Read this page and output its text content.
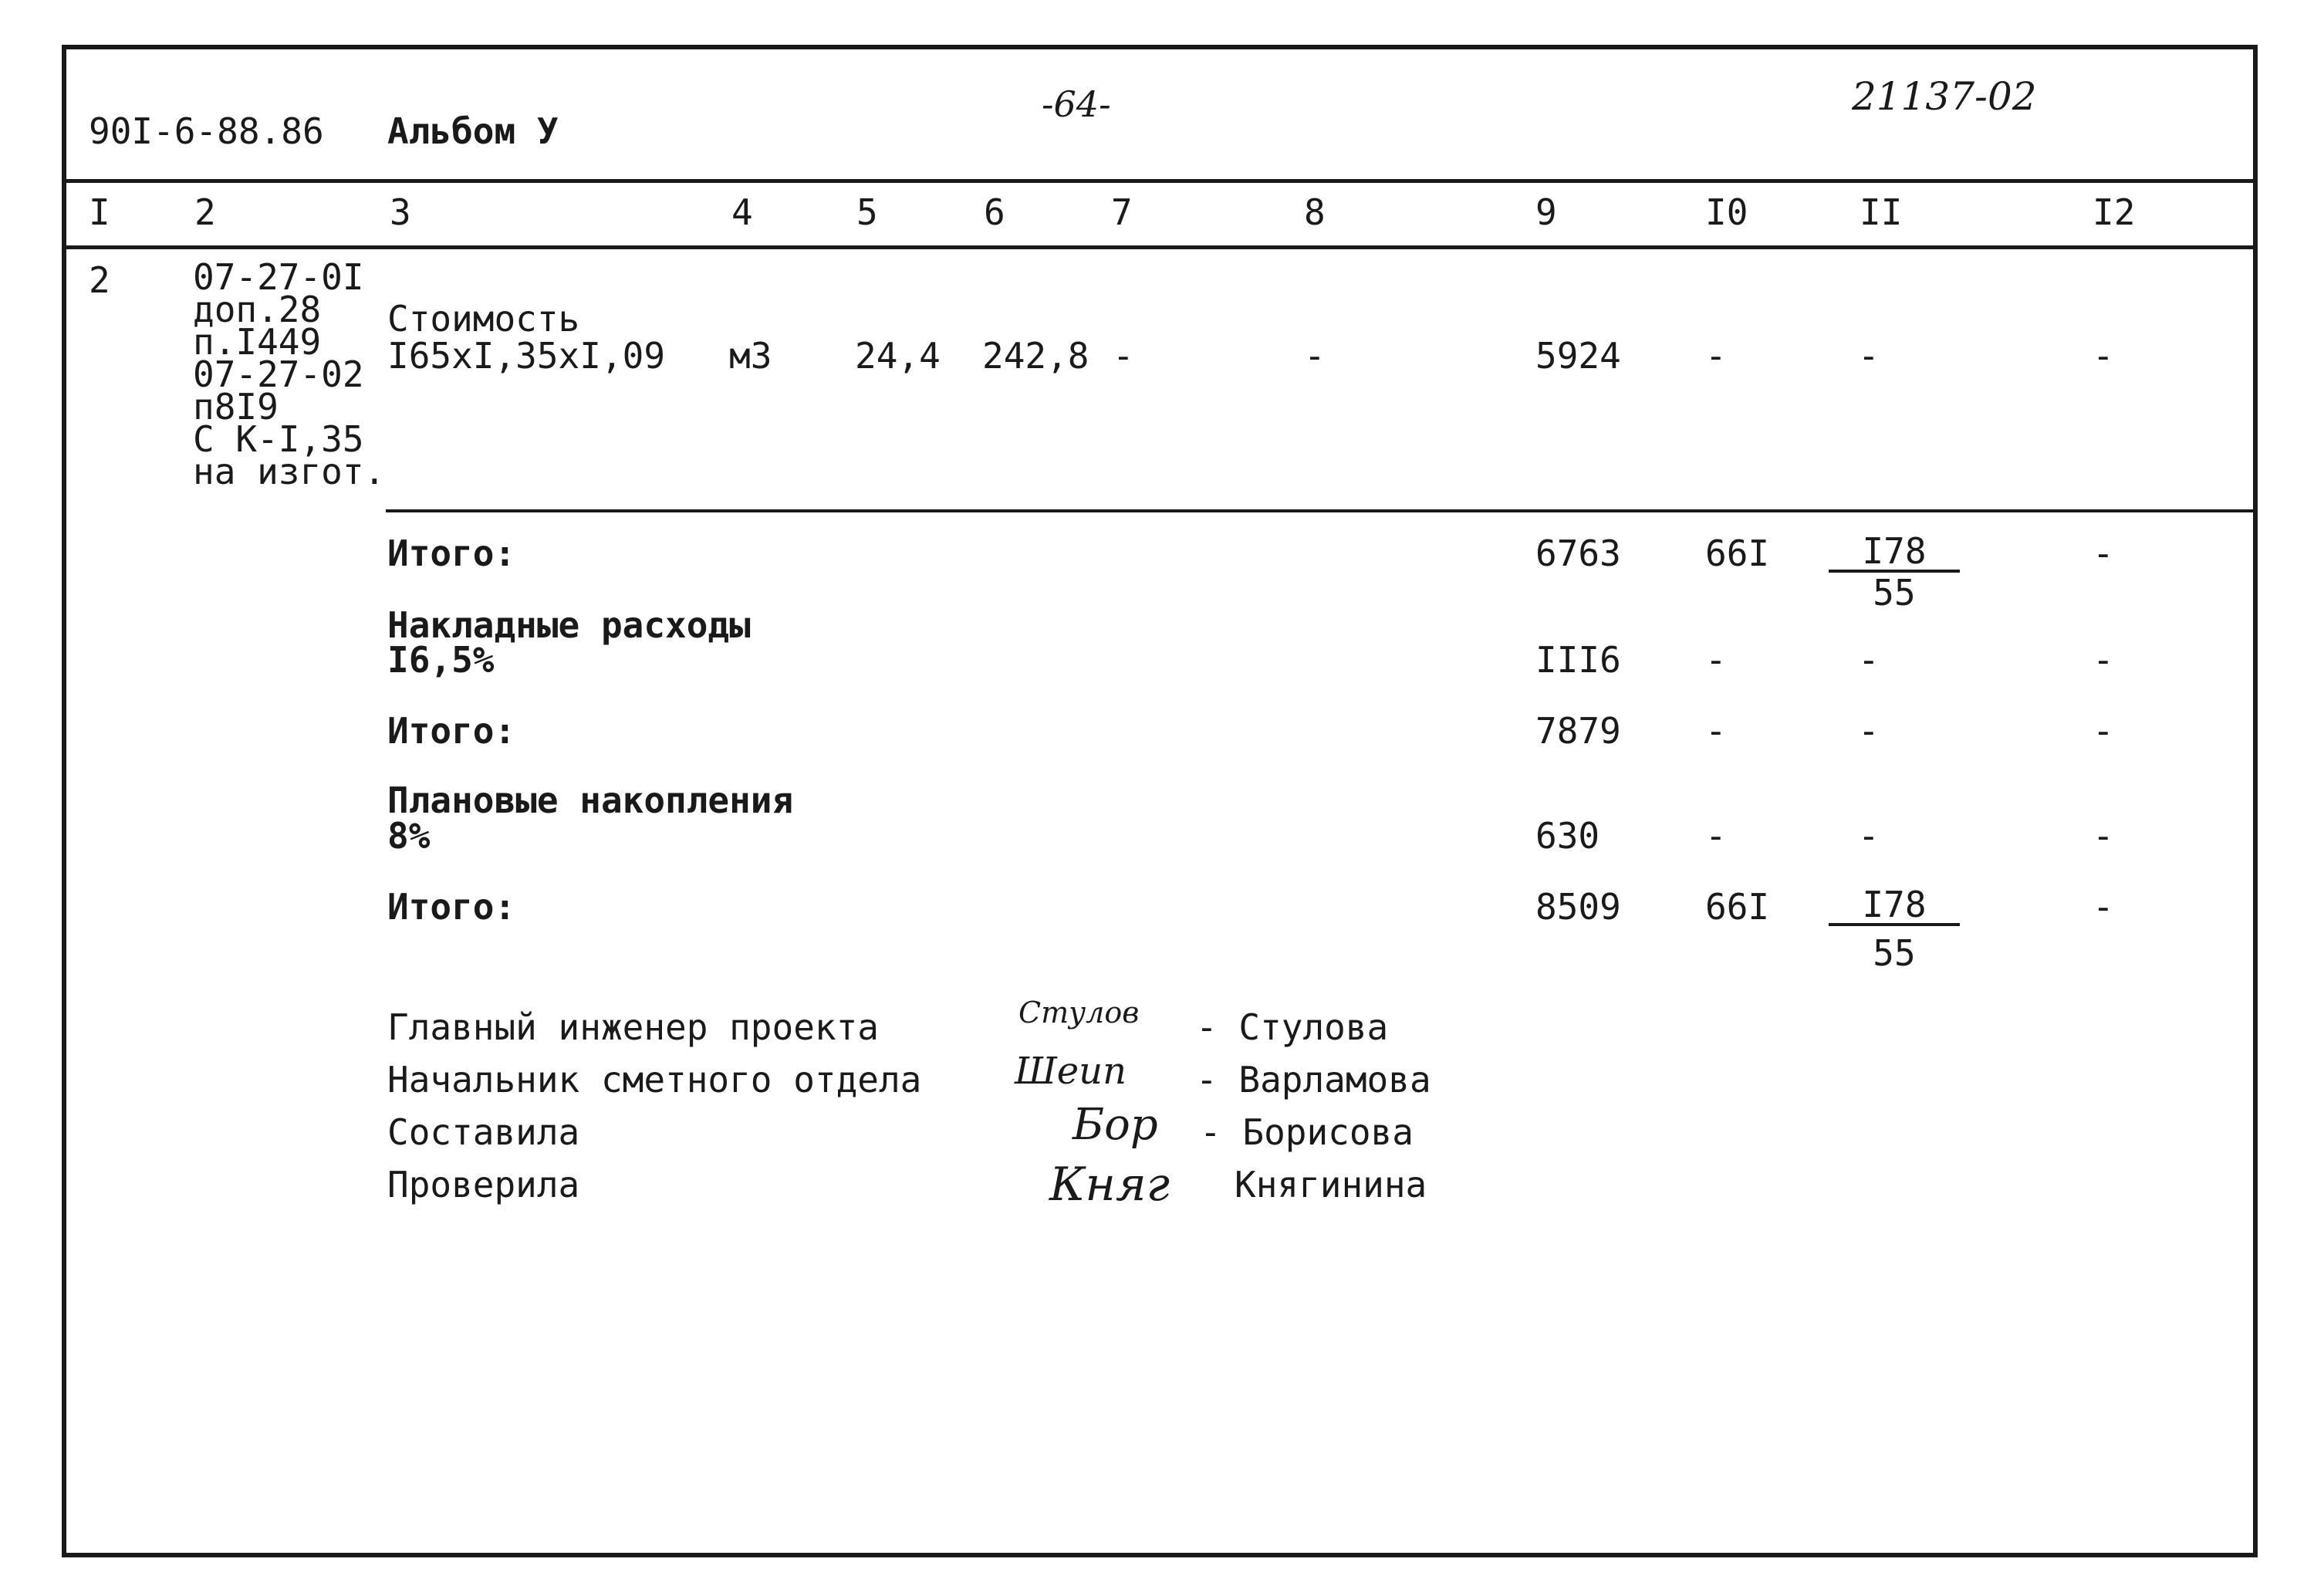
90I-6-88.86 Альбом У
-64-	21137-02
I 2	3	4	5	6	7	8	9	I0	II	I2
2 07-27-0I
доп.28
п.I449
07-27-02
п8I9
С К-I,35
на изгот.
Стоимость
I65xI,35xI,09 м3 24,4 242,8 -	-	5924 -	-	-
Итого:	6763 $66I \frac{I78}{55}$	-
Накладные расходы
I6,5%	III6 -	-	-
Итого:	7879 -	-	-
Плановые накопления
8%	630	-	-	-
Итого:	8509 $66I \frac{I78}{55}$	-
Главный инженер проекта	Стулов - Стулова
Начальник сметного отдела	Шеип - Варламова
Составила	Бор - Борисова
Проверила	Княг Княгинина
